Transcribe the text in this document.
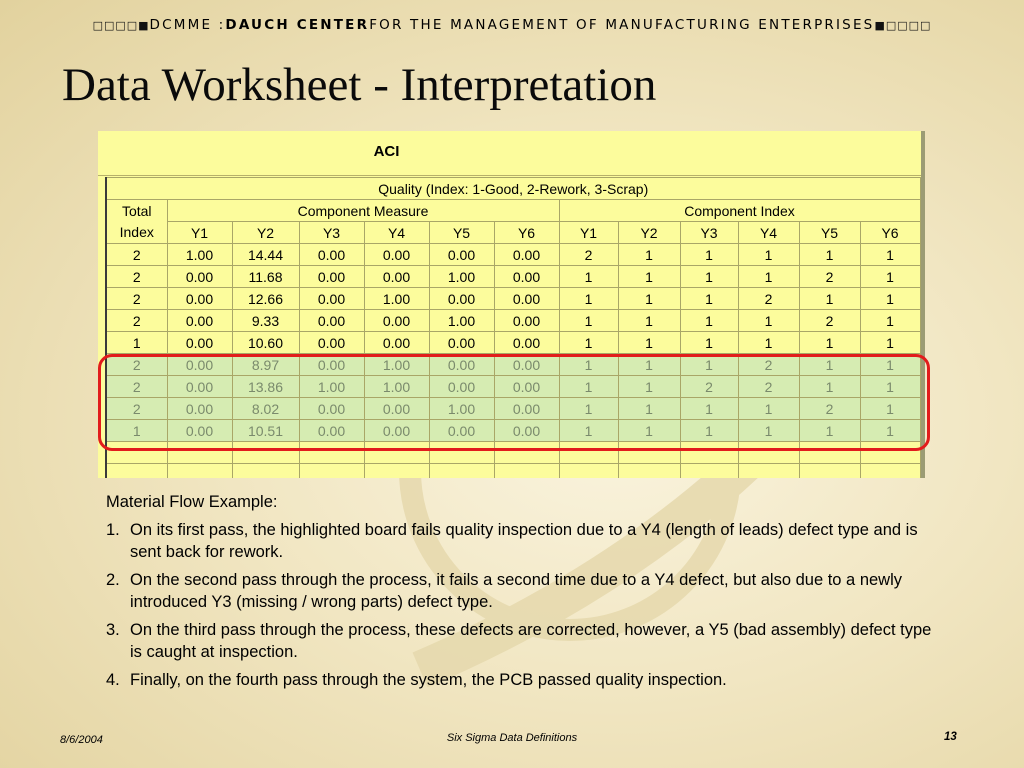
□□□□■ DCMME : DAUCH CENTER FOR THE MANAGEMENT OF MANUFACTURING ENTERPRISES ■□□□□
Data Worksheet - Interpretation
ACI
Quality (Index: 1-Good, 2-Rework, 3-Scrap)												
Total
Index	Component Measure						Component Index					
	Y1	Y2	Y3	Y4	Y5	Y6	Y1	Y2	Y3	Y4	Y5	Y6
2	1.00	14.44	0.00	0.00	0.00	0.00	2	1	1	1	1	1
2	0.00	11.68	0.00	0.00	1.00	0.00	1	1	1	1	2	1
2	0.00	12.66	0.00	1.00	0.00	0.00	1	1	1	2	1	1
2	0.00	9.33	0.00	0.00	1.00	0.00	1	1	1	1	2	1
1	0.00	10.60	0.00	0.00	0.00	0.00	1	1	1	1	1	1
2	0.00	8.97	0.00	1.00	0.00	0.00	1	1	1	2	1	1
2	0.00	13.86	1.00	1.00	0.00	0.00	1	1	2	2	1	1
2	0.00	8.02	0.00	0.00	1.00	0.00	1	1	1	1	2	1
1	0.00	10.51	0.00	0.00	0.00	0.00	1	1	1	1	1	1

Material Flow Example:
1. On its first pass, the highlighted board fails quality inspection due to a Y4 (length of leads) defect type and is sent back for rework.
2. On the second pass through the process, it fails a second time due to a Y4 defect, but also due to a newly introduced Y3 (missing / wrong parts) defect type.
3. On the third pass through the process, these defects are corrected, however, a Y5 (bad assembly) defect type is caught at inspection.
4. Finally, on the fourth pass through the system, the PCB passed quality inspection.
8/6/2004	Six Sigma Data Definitions	13
